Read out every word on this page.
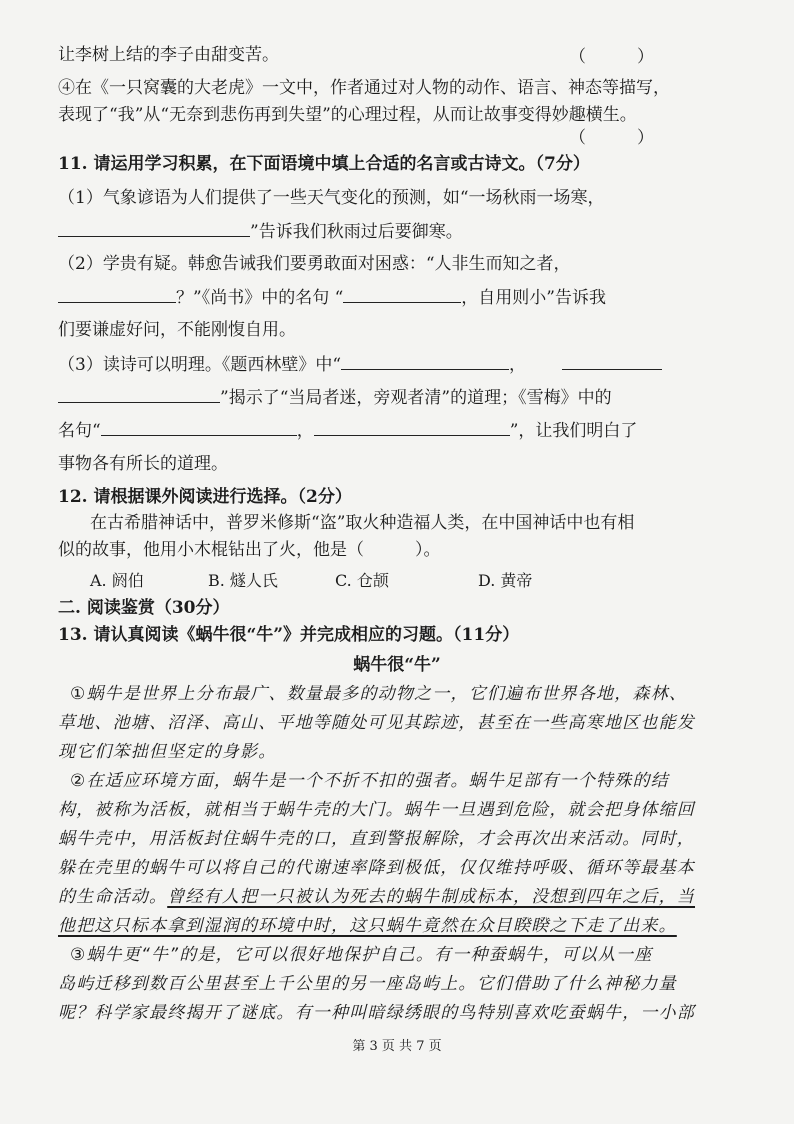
让李树上结的李子由甜变苦。	（　　　）
④在《一只窝囊的大老虎》一文中，作者通过对人物的动作、语言、神态等描写，
表现了“我”从“无奈到悲伤再到失望”的心理过程，从而让故事变得妙趣横生。
（　　　）
11. 请运用学习积累，在下面语境中填上合适的名言或古诗文。（7分）
（1）气象谚语为人们提供了一些天气变化的预测，如“一场秋雨一场寒，
”告诉我们秋雨过后要御寒。
（2）学贵有疑。韩愈告诫我们要勇敢面对困惑：“人非生而知之者，
？”《尚书》中的名句 “	，自用则小”告诉我
们要谦虚好问，不能刚愎自用。
（3）读诗可以明理。《题西林壁》中“	，
”揭示了“当局者迷，旁观者清”的道理；《雪梅》中的
名句“	，	”，让我们明白了
事物各有所长的道理。
12. 请根据课外阅读进行选择。（2分）
在古希腊神话中，普罗米修斯“盗”取火种造福人类，在中国神话中也有相
似的故事，他用小木棍钻出了火，他是（　　　）。
A. 阏伯	B. 燧人氏	C. 仓颉	D. 黄帝
二. 阅读鉴赏（30分）
13. 请认真阅读《蜗牛很“牛”》并完成相应的习题。（11分）
蜗牛很“牛”
①蜗牛是世界上分布最广、数量最多的动物之一，它们遍布世界各地，森林、
草地、池塘、沼泽、高山、平地等随处可见其踪迹，甚至在一些高寒地区也能发
现它们笨拙但坚定的身影。
②在适应环境方面，蜗牛是一个不折不扣的强者。蜗牛足部有一个特殊的结
构，被称为活板，就相当于蜗牛壳的大门。蜗牛一旦遇到危险，就会把身体缩回
蜗牛壳中，用活板封住蜗牛壳的口，直到警报解除，才会再次出来活动。同时，
躲在壳里的蜗牛可以将自己的代谢速率降到极低，仅仅维持呼吸、循环等最基本
的生命活动。曾经有人把一只被认为死去的蜗牛制成标本，没想到四年之后，当
他把这只标本拿到湿润的环境中时，这只蜗牛竟然在众目睽睽之下走了出来。
③蜗牛更“牛”的是，它可以很好地保护自己。有一种蚕蜗牛，可以从一座
岛屿迁移到数百公里甚至上千公里的另一座岛屿上。它们借助了什么神秘力量
呢？科学家最终揭开了谜底。有一种叫暗绿绣眼的鸟特别喜欢吃蚕蜗牛，一小部
第 3 页 共 7 页
